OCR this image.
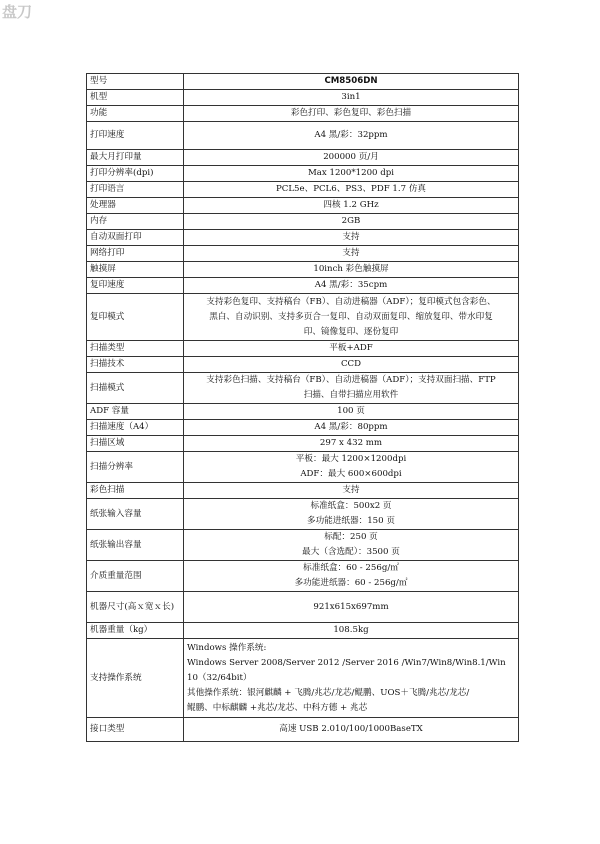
盘刀
型号	CM8506DN

机型	3in1

功能	彩色打印、彩色复印、彩色扫描

打印速度	A4 黑/彩：32ppm

最大月打印量	200000 页/月

打印分辨率(dpi)	Max 1200*1200 dpi

打印语言	PCL5e、PCL6、PS3、PDF 1.7 仿真

处理器	四核 1.2 GHz

内存	2GB

自动双面打印	支持

网络打印	支持

触摸屏	10inch 彩色触摸屏

复印速度	A4 黑/彩：35cpm

复印模式	支持彩色复印、支持稿台（FB）、自动进稿器（ADF）；复印模式包含彩色、
黑白、自动识别、支持多页合一复印、自动双面复印、缩放复印、带水印复
印、镜像复印、逐份复印

扫描类型	平板+ADF

扫描技术	CCD

扫描模式	支持彩色扫描、支持稿台（FB）、自动进稿器（ADF）；支持双面扫描、FTP
扫描、自带扫描应用软件

ADF 容量	100 页

扫描速度（A4）	A4 黑/彩：80ppm

扫描区域	297 x 432 mm

扫描分辨率	平板：最大 1200×1200dpi
ADF：最大 600×600dpi

彩色扫描	支持

纸张输入容量	标准纸盒：500x2 页
多功能进纸器：150 页

纸张输出容量	标配：250 页
最大（含选配）：3500 页

介质重量范围	标准纸盒：60 - 256g/㎡
多功能进纸器：60 - 256g/㎡

机器尺寸(高ｘ宽ｘ长)	921x615x697mm

机器重量（kg）	108.5kg

支持操作系统	Windows 操作系统:
Windows Server 2008/Server 2012 /Server 2016 /Win7/Win8/Win8.1/Win
10（32/64bit）
其他操作系统：银河麒麟 + 飞腾/兆芯/龙芯/鲲鹏、UOS＋飞腾/兆芯/龙芯/
鲲鹏、中标麒麟 +兆芯/龙芯、中科方德 + 兆芯

接口类型	高速 USB 2.010/100/1000BaseTX
